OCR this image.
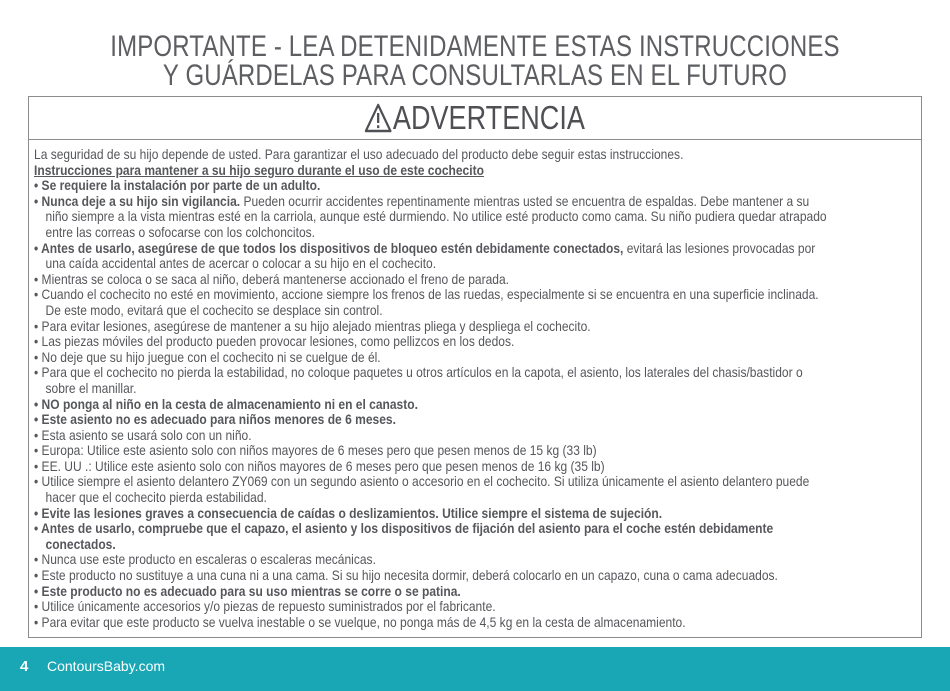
IMPORTANTE - LEA DETENIDAMENTE ESTAS INSTRUCCIONES
Y GUÁRDELAS PARA CONSULTARLAS EN EL FUTURO
ADVERTENCIA
La seguridad de su hijo depende de usted. Para garantizar el uso adecuado del producto debe seguir estas instrucciones.
Instrucciones para mantener a su hijo seguro durante el uso de este cochecito
• Se requiere la instalación por parte de un adulto.
• Nunca deje a su hijo sin vigilancia. Pueden ocurrir accidentes repentinamente mientras usted se encuentra de espaldas. Debe mantener a su
niño siempre a la vista mientras esté en la carriola, aunque esté durmiendo. No utilice esté producto como cama. Su niño pudiera quedar atrapado
entre las correas o sofocarse con los colchoncitos.
• Antes de usarlo, asegúrese de que todos los dispositivos de bloqueo estén debidamente conectados, evitará las lesiones provocadas por
una caída accidental antes de acercar o colocar a su hijo en el cochecito.
• Mientras se coloca o se saca al niño, deberá mantenerse accionado el freno de parada.
• Cuando el cochecito no esté en movimiento, accione siempre los frenos de las ruedas, especialmente si se encuentra en una superficie inclinada.
De este modo, evitará que el cochecito se desplace sin control.
• Para evitar lesiones, asegúrese de mantener a su hijo alejado mientras pliega y despliega el cochecito.
• Las piezas móviles del producto pueden provocar lesiones, como pellizcos en los dedos.
• No deje que su hijo juegue con el cochecito ni se cuelgue de él.
• Para que el cochecito no pierda la estabilidad, no coloque paquetes u otros artículos en la capota, el asiento, los laterales del chasis/bastidor o
sobre el manillar.
• NO ponga al niño en la cesta de almacenamiento ni en el canasto.
• Este asiento no es adecuado para niños menores de 6 meses.
• Esta asiento se usará solo con un niño.
• Europa: Utilice este asiento solo con niños mayores de 6 meses pero que pesen menos de 15 kg (33 lb)
• EE. UU .: Utilice este asiento solo con niños mayores de 6 meses pero que pesen menos de 16 kg (35 lb)
• Utilice siempre el asiento delantero ZY069 con un segundo asiento o accesorio en el cochecito. Si utiliza únicamente el asiento delantero puede
hacer que el cochecito pierda estabilidad.
• Evite las lesiones graves a consecuencia de caídas o deslizamientos. Utilice siempre el sistema de sujeción.
• Antes de usarlo, compruebe que el capazo, el asiento y los dispositivos de fijación del asiento para el coche estén debidamente
conectados.
• Nunca use este producto en escaleras o escaleras mecánicas.
• Este producto no sustituye a una cuna ni a una cama. Si su hijo necesita dormir, deberá colocarlo en un capazo, cuna o cama adecuados.
• Este producto no es adecuado para su uso mientras se corre o se patina.
• Utilice únicamente accesorios y/o piezas de repuesto suministrados por el fabricante.
• Para evitar que este producto se vuelva inestable o se vuelque, no ponga más de 4,5 kg en la cesta de almacenamiento.
4 ContoursBaby.com
